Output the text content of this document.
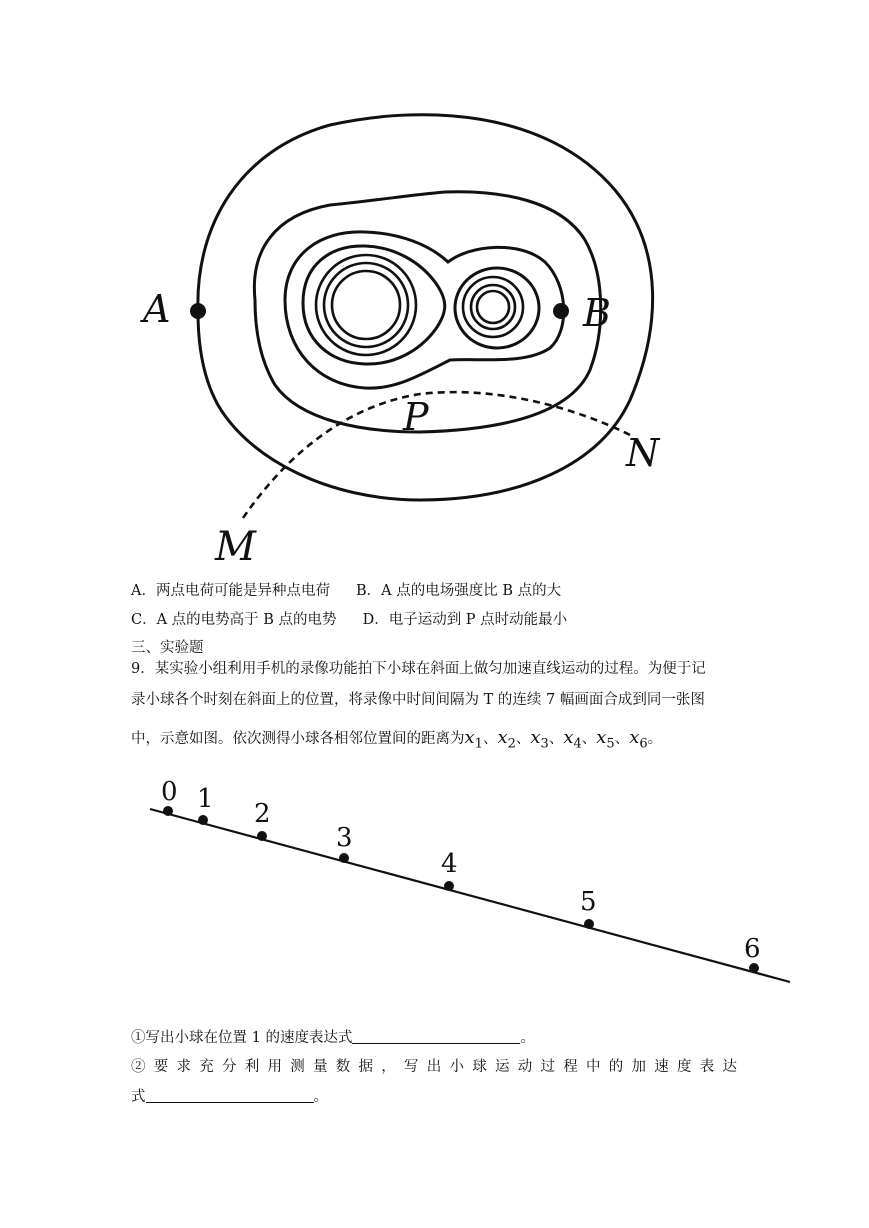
A	B
P
M
N
A．两点电荷可能是异种点电荷 B．A 点的电场强度比 B 点的大
C．A 点的电势高于 B 点的电势 D．电子运动到 P 点时动能最小
三、实验题
9．某实验小组利用手机的录像功能拍下小球在斜面上做匀加速直线运动的过程。为便于记
录小球各个时刻在斜面上的位置，将录像中时间间隔为 T 的连续 7 幅画面合成到同一张图
中，示意如图。依次测得小球各相邻位置间的距离为$x_1$、$x_2$、$x_3$、$x_4$、$x_5$、$x_6$。
0 1 2
3
4
5
6
①写出小球在位置 1 的速度表达式	。
②要求充分利用测量数据，写出小球运动过程中的加速度表达
式	。
